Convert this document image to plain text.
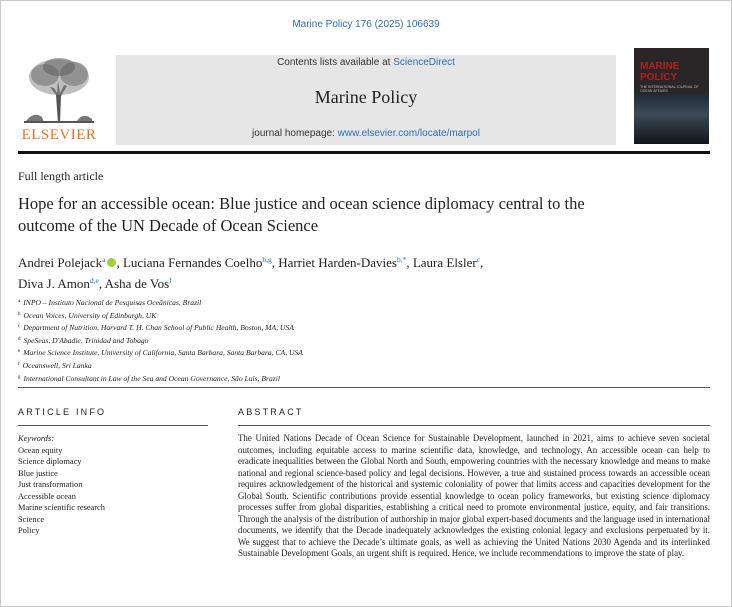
Marine Policy 176 (2025) 106639
ELSEVIER
Contents lists available at ScienceDirect
Marine Policy
journal homepage: www.elsevier.com/locate/marpol
MARINE
POLICY
THE INTERNATIONAL JOURNAL OF OCEAN AFFAIRS
Full length article
Hope for an accessible ocean: Blue justice and ocean science diplomacy central to the outcome of the UN Decade of Ocean Science
Andrei Polejack$^a$ , Luciana Fernandes Coelho$^{b,g}$, Harriet Harden-Davies$^{b,*}$, Laura Elsler$^c$,
Diva J. Amon$^{d,e}$, Asha de Vos$^f$
$^a$ INPO – Instituto Nacional de Pesquisas Oceânicas, Brazil
$^b$ Ocean Voices, University of Edinburgh, UK
$^c$ Department of Nutrition, Harvard T. H. Chan School of Public Health, Boston, MA, USA
$^d$ SpeSeas, D'Abadie, Trinidad and Tobago
$^e$ Marine Science Institute, University of California, Santa Barbara, Santa Barbara, CA, USA
$^f$ Oceanswell, Sri Lanka
$^g$ International Consultant in Law of the Sea and Ocean Governance, São Luís, Brazil
ARTICLE INFO	ABSTRACT
Keywords:
Ocean equity
Science diplomacy
Blue justice
Just transformation
Accessible ocean
Marine scientific research
Science
Policy
The United Nations Decade of Ocean Science for Sustainable Development, launched in 2021, aims to achieve seven societal outcomes, including equitable access to marine scientific data, knowledge, and technology. An accessible ocean can help to eradicate inequalities between the Global North and South, empowering countries with the necessary knowledge and means to make national and regional science-based policy and legal decisions. However, a true and sustained process towards an accessible ocean requires acknowledgement of the historical and systemic coloniality of power that limits access and capacities development for the Global South. Scientific contributions provide essential knowledge to ocean policy frameworks, but existing science diplomacy processes suffer from global disparities, establishing a critical need to promote environmental justice, equity, and fair transitions. Through the analysis of the distribution of authorship in major global expert-based documents and the language used in international documents, we identify that the Decade inadequately acknowledges the existing colonial legacy and exclusions perpetuated by it. We suggest that to achieve the Decade’s ultimate goals, as well as achieving the United Nations 2030 Agenda and its interlinked Sustainable Development Goals, an urgent shift is required. Hence, we include recommendations to improve the state of play.
